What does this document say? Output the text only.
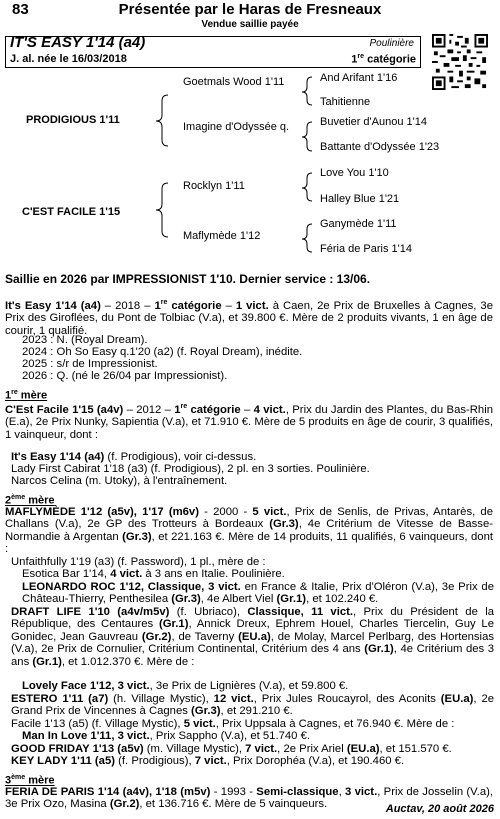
83	Présentée par le Haras de Fresneaux
Vendue saillie payée
IT'S EASY 1'14 (a4)	Poulinière
J. al. née le 16/03/2018	1re catégorie
PRODIGIOUS 1'11
C'EST FACILE 1'15
Goetmals Wood 1'11
Imagine d'Odyssée q.
Rocklyn 1'11
Maflymède 1'12
And Arifant 1'16
Tahitienne
Buvetier d'Aunou 1'14
Battante d'Odyssée 1'23
Love You 1'10
Halley Blue 1'21
Ganymède 1'11
Féria de Paris 1'14
Saillie en 2026 par IMPRESSIONIST 1'10. Dernier service : 13/06.
It's Easy 1'14 (a4) – 2018 – 1re catégorie – 1 vict. à Caen, 2e Prix de Bruxelles à Cagnes, 3e Prix des Giroflées, du Pont de Tolbiac (V.a), et 39.800 €. Mère de 2 produits vivants, 1 en âge de courir, 1 qualifié.
2023 : N. (Royal Dream).
2024 : Oh So Easy q.1'20 (a2) (f. Royal Dream), inédite.
2025 : s/r de Impressionist.
2026 : Q. (né le 26/04 par Impressionist).
1re mère
C'Est Facile 1'15 (a4v) – 2012 – 1re catégorie – 4 vict., Prix du Jardin des Plantes, du Bas-Rhin (E.a), 2e Prix Nunky, Sapientia (V.a), et 71.910 €. Mère de 5 produits en âge de courir, 3 qualifiés, 1 vainqueur, dont :
It's Easy 1'14 (a4) (f. Prodigious), voir ci-dessus.
Lady First Cabirat 1'18 (a3) (f. Prodigious), 2 pl. en 3 sorties. Poulinière.
Narcos Celina (m. Utoky), à l'entraînement.
2ème mère
MAFLYMÈDE 1'12 (a5v), 1'17 (m6v) - 2000 - 5 vict., Prix de Senlis, de Privas, Antarès, de Challans (V.a), 2e GP des Trotteurs à Bordeaux (Gr.3), 4e Critérium de Vitesse de Basse-Normandie à Argentan (Gr.3), et 221.163 €. Mère de 14 produits, 11 qualifiés, 6 vainqueurs, dont :
Unfaithfully 1'19 (a3) (f. Password), 1 pl., mère de :
Esotica Bar 1'14, 4 vict. à 3 ans en Italie. Poulinière.
LEONARDO ROC 1'12, Classique, 3 vict. en France & Italie, Prix d'Oléron (V.a), 3e Prix de Château-Thierry, Penthesilea (Gr.3), 4e Albert Viel (Gr.1), et 102.240 €.
DRAFT LIFE 1'10 (a4v/m5v) (f. Ubriaco), Classique, 11 vict., Prix du Président de la République, des Centaures (Gr.1), Annick Dreux, Ephrem Houel, Charles Tiercelin, Guy Le Gonidec, Jean Gauvreau (Gr.2), de Taverny (EU.a), de Molay, Marcel Perlbarg, des Hortensias (V.a), 2e Prix de Cornulier, Critérium Continental, Critérium des 4 ans (Gr.1), 4e Critérium des 3 ans (Gr.1), et 1.012.370 €. Mère de :
Lovely Face 1'12, 3 vict., 3e Prix de Lignières (V.a), et 59.800 €.
ESTERO 1'11 (a7) (h. Village Mystic), 12 vict., Prix Jules Roucayrol, des Aconits (EU.a), 2e Grand Prix de Vincennes à Cagnes (Gr.3), et 291.210 €.
Facile 1'13 (a5) (f. Village Mystic), 5 vict., Prix Uppsala à Cagnes, et 76.940 €. Mère de :
Man In Love 1'11, 3 vict., Prix Sappho (V.a), et 51.740 €.
GOOD FRIDAY 1'13 (a5v) (m. Village Mystic), 7 vict., 2e Prix Ariel (EU.a), et 151.570 €.
KEY LADY 1'11 (a5) (f. Prodigious), 7 vict., Prix Dorophéa (V.a), et 190.460 €.
3ème mère
FERIA DE PARIS 1'14 (a4v), 1'18 (m5v) - 1993 - Semi-classique, 3 vict., Prix de Josselin (V.a), 3e Prix Ozo, Masina (Gr.2), et 136.716 €. Mère de 5 vainqueurs.	Auctav, 20 août 2026
